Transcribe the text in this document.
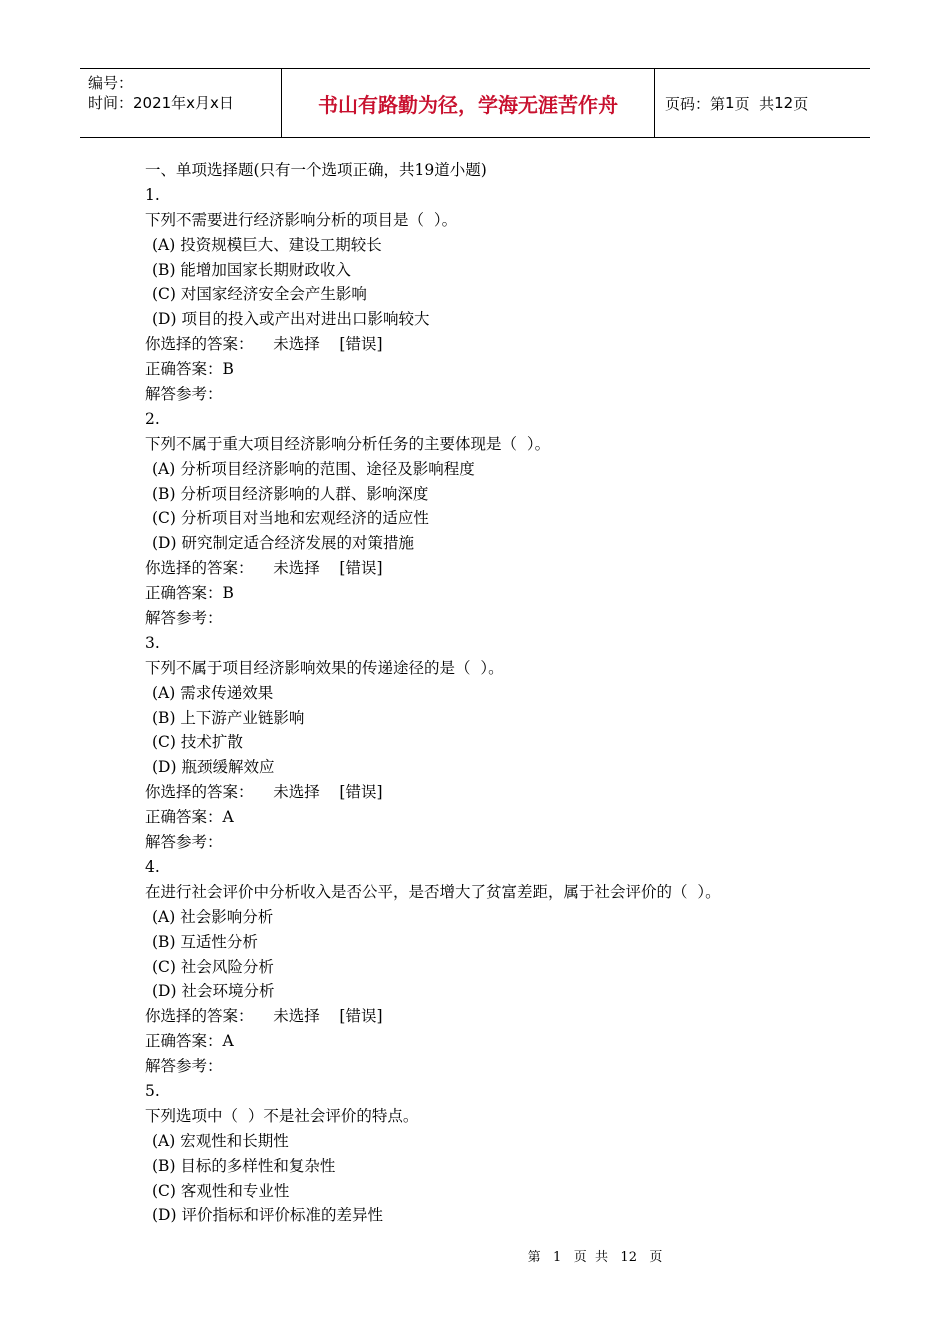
编号：
时间：2021年x月x日	书山有路勤为径，学海无涯苦作舟	页码：第 1 页  共 12 页
一、单项选择题(只有一个选项正确，共19道小题)
1.
下列不需要进行经济影响分析的项目是（  ）。
(A) 投资规模巨大、建设工期较长
(B) 能增加国家长期财政收入
(C) 对国家经济安全会产生影响
(D) 项目的投入或产出对进出口影响较大
你选择的答案：    未选择    [错误]
正确答案：B
解答参考：
2.
下列不属于重大项目经济影响分析任务的主要体现是（  ）。
(A) 分析项目经济影响的范围、途径及影响程度
(B) 分析项目经济影响的人群、影响深度
(C) 分析项目对当地和宏观经济的适应性
(D) 研究制定适合经济发展的对策措施
你选择的答案：    未选择    [错误]
正确答案：B
解答参考：
3.
下列不属于项目经济影响效果的传递途径的是（  ）。
(A) 需求传递效果
(B) 上下游产业链影响
(C) 技术扩散
(D) 瓶颈缓解效应
你选择的答案：    未选择    [错误]
正确答案：A
解答参考：
4.
在进行社会评价中分析收入是否公平，是否增大了贫富差距，属于社会评价的（  ）。
(A) 社会影响分析
(B) 互适性分析
(C) 社会风险分析
(D) 社会环境分析
你选择的答案：    未选择    [错误]
正确答案：A
解答参考：
5.
下列选项中（  ）不是社会评价的特点。
(A) 宏观性和长期性
(B) 目标的多样性和复杂性
(C) 客观性和专业性
(D) 评价指标和评价标准的差异性
第 1 页  共 12 页
